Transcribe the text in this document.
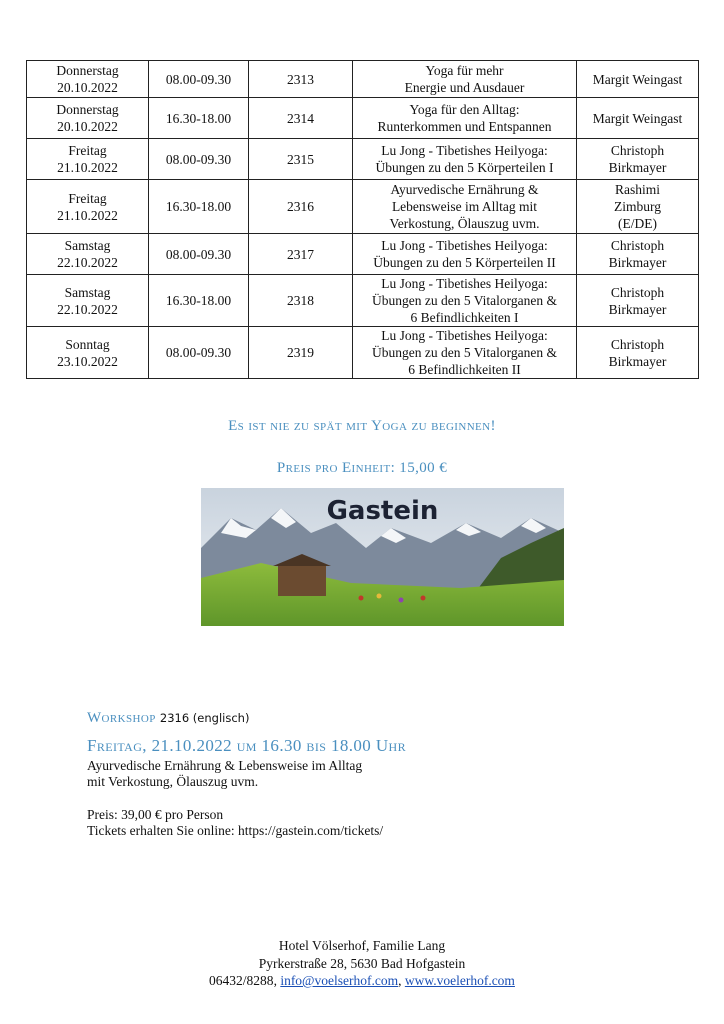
Donnerstag
20.10.2022	08.00-09.30	2313	Yoga für mehr
Energie und Ausdauer	Margit Weingast

Donnerstag
20.10.2022	16.30-18.00	2314	Yoga für den Alltag:
Runterkommen und Entspannen	Margit Weingast

Freitag
21.10.2022	08.00-09.30	2315	Lu Jong - Tibetishes Heilyoga:
Übungen zu den 5 Körperteilen I	Christoph
Birkmayer

Freitag
21.10.2022	16.30-18.00	2316	Ayurvedische Ernährung &
Lebensweise im Alltag mit
Verkostung, Ölauszug uvm.	Rashimi
Zimburg
(E/DE)

Samstag
22.10.2022	08.00-09.30	2317	Lu Jong - Tibetishes Heilyoga:
Übungen zu den 5 Körperteilen II	Christoph
Birkmayer

Samstag
22.10.2022	16.30-18.00	2318	Lu Jong - Tibetishes Heilyoga:
Übungen zu den 5 Vitalorganen &
6 Befindlichkeiten I	Christoph
Birkmayer

Sonntag
23.10.2022	08.00-09.30	2319	Lu Jong - Tibetishes Heilyoga:
Übungen zu den 5 Vitalorganen &
6 Befindlichkeiten II	Christoph
Birkmayer
Es ist nie zu spät mit Yoga zu beginnen!
Preis pro Einheit: 15,00 €
Gastein
Workshop 2316 (englisch)
Freitag, 21.10.2022 um 16.30 bis 18.00 Uhr
Ayurvedische Ernährung & Lebensweise im Alltag
mit Verkostung, Ölauszug uvm.
Preis: 39,00 € pro Person
Tickets erhalten Sie online: https://gastein.com/tickets/
Hotel Völserhof, Familie Lang
Pyrkerstraße 28, 5630 Bad Hofgastein
06432/8288, info@voelserhof.com, www.voelerhof.com
